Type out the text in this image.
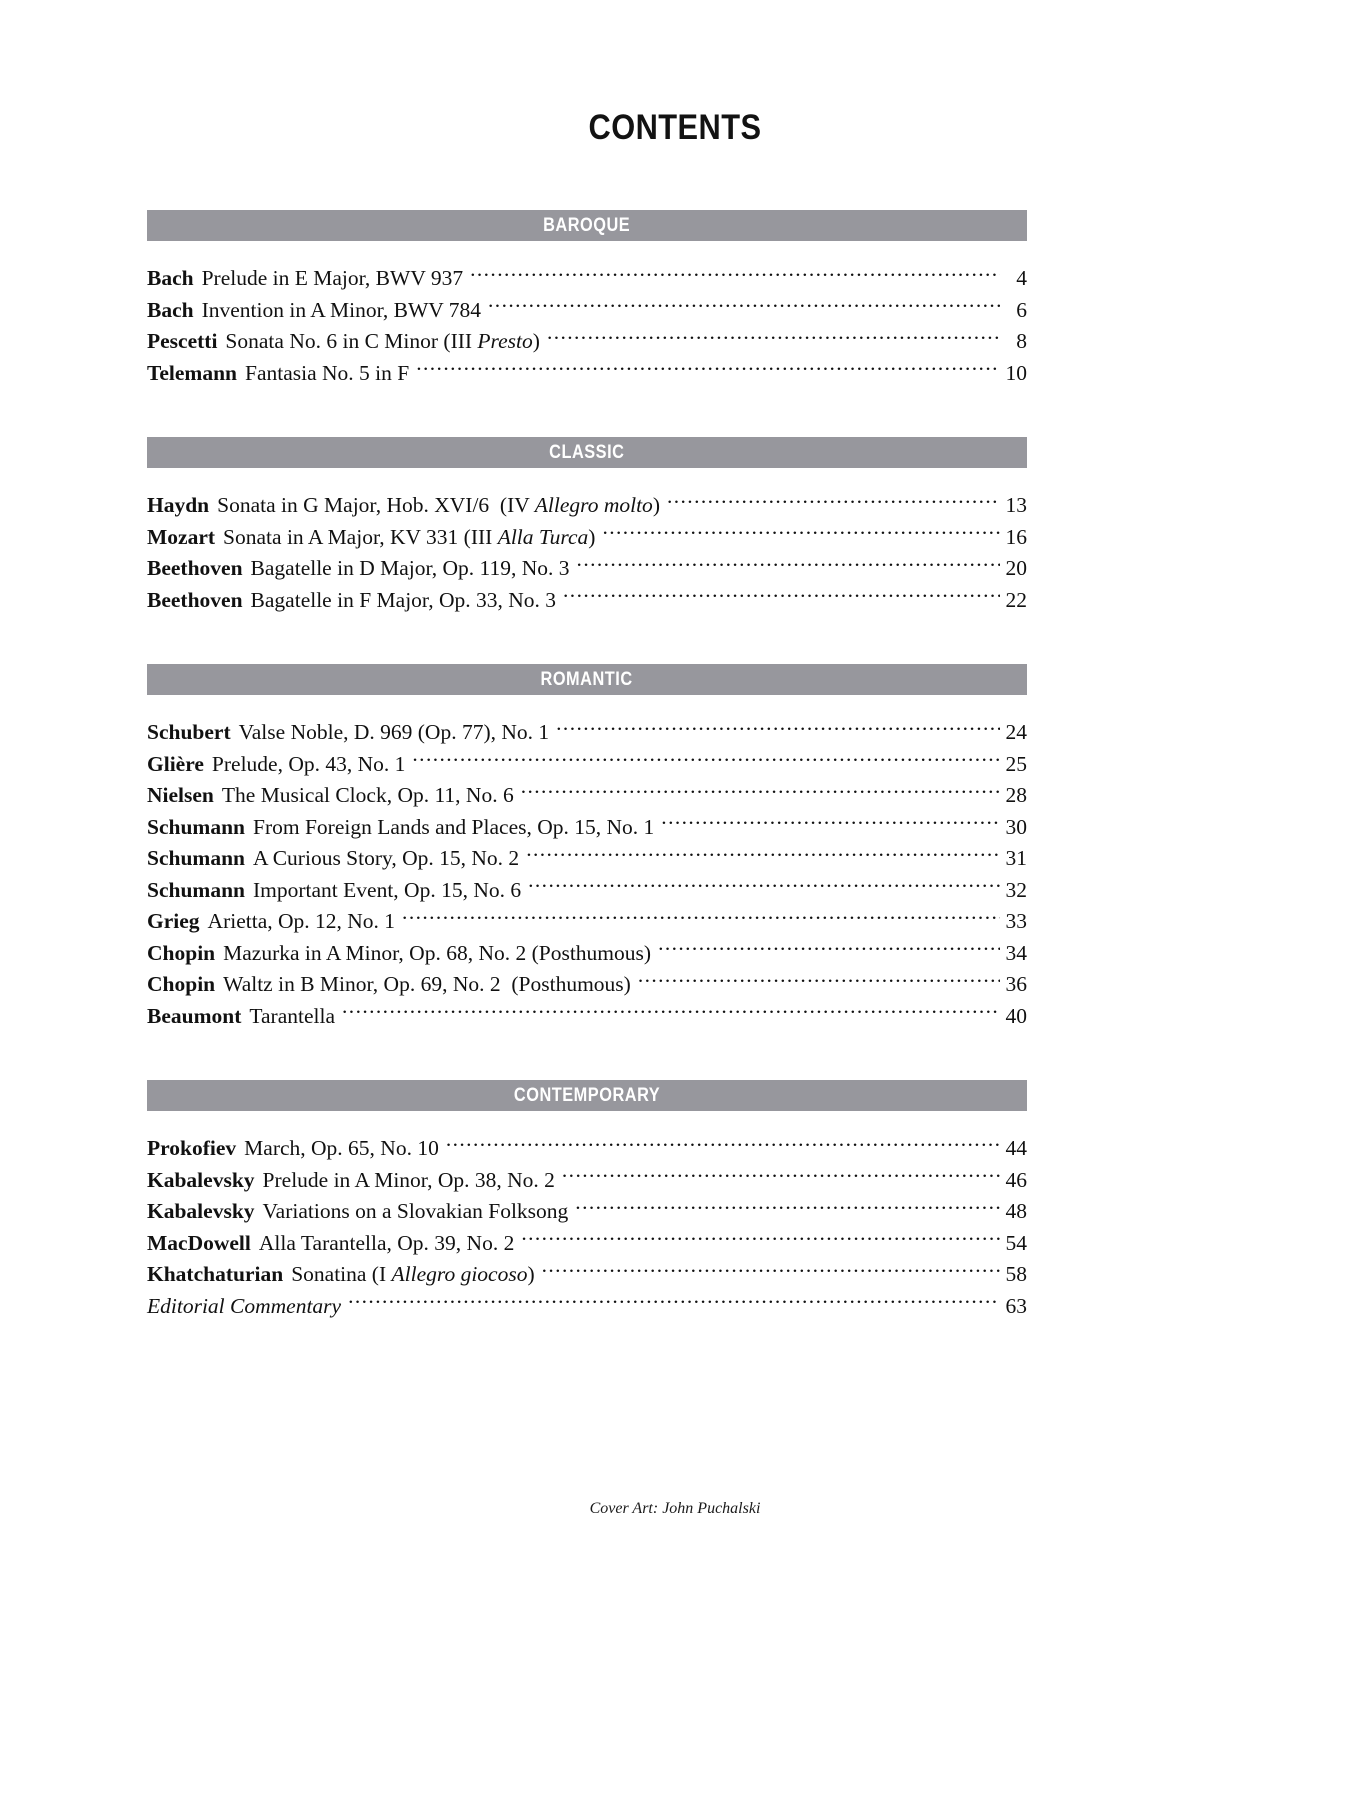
CONTENTS
BAROQUE
Bach Prelude in E Major, BWV 937 .....	4
Bach Invention in A Minor, BWV 784 .....	6
Pescetti Sonata No. 6 in C Minor (III Presto) .....	8
Telemann Fantasia No. 5 in F .....	10
CLASSIC
Haydn Sonata in G Major, Hob. XVI/6  (IV Allegro molto) .....	13
Mozart Sonata in A Major, KV 331 (III Alla Turca) .....	16
Beethoven Bagatelle in D Major, Op. 119, No. 3 .....	20
Beethoven Bagatelle in F Major, Op. 33, No. 3 .....	22
ROMANTIC
Schubert Valse Noble, D. 969 (Op. 77), No. 1 .....	24
Glière Prelude, Op. 43, No. 1 .....	25
Nielsen The Musical Clock, Op. 11, No. 6 .....	28
Schumann From Foreign Lands and Places, Op. 15, No. 1 .....	30
Schumann A Curious Story, Op. 15, No. 2 .....	31
Schumann Important Event, Op. 15, No. 6 .....	32
Grieg Arietta, Op. 12, No. 1 .....	33
Chopin Mazurka in A Minor, Op. 68, No. 2 (Posthumous) .....	34
Chopin Waltz in B Minor, Op. 69, No. 2  (Posthumous) .....	36
Beaumont Tarantella .....	40
CONTEMPORARY
Prokofiev March, Op. 65, No. 10 .....	44
Kabalevsky Prelude in A Minor, Op. 38, No. 2 .....	46
Kabalevsky Variations on a Slovakian Folksong .....	48
MacDowell Alla Tarantella, Op. 39, No. 2 .....	54
Khatchaturian Sonatina (I Allegro giocoso) .....	58
Editorial Commentary .....	63
Cover Art: John Puchalski
